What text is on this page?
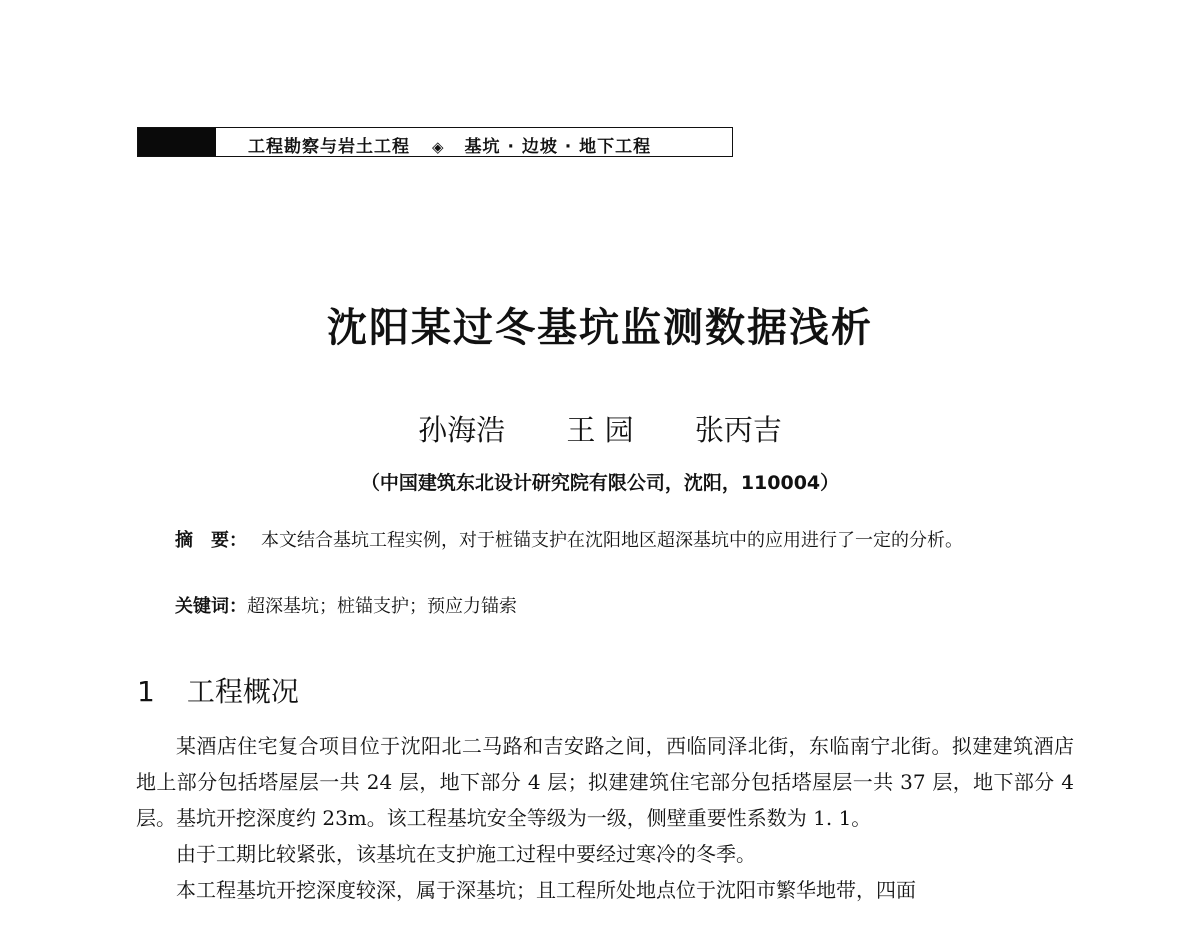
工程勘察与岩土工程 ◈ 基坑 · 边坡 · 地下工程
沈阳某过冬基坑监测数据浅析
孙海浩 王 园 张丙吉
（中国建筑东北设计研究院有限公司，沈阳，110004）
摘　要： 本文结合基坑工程实例，对于桩锚支护在沈阳地区超深基坑中的应用进行了一定的分析。
关键词：超深基坑；桩锚支护；预应力锚索
1 工程概况

某酒店住宅复合项目位于沈阳北二马路和吉安路之间，西临同泽北街，东临南宁北街。拟建建筑酒店地上部分包括塔屋层一共 24 层，地下部分 4 层；拟建建筑住宅部分包括塔屋层一共 37 层，地下部分 4 层。基坑开挖深度约 23m。该工程基坑安全等级为一级，侧壁重要性系数为 1. 1。

由于工期比较紧张，该基坑在支护施工过程中要经过寒冷的冬季。

本工程基坑开挖深度较深，属于深基坑；且工程所处地点位于沈阳市繁华地带，四面
